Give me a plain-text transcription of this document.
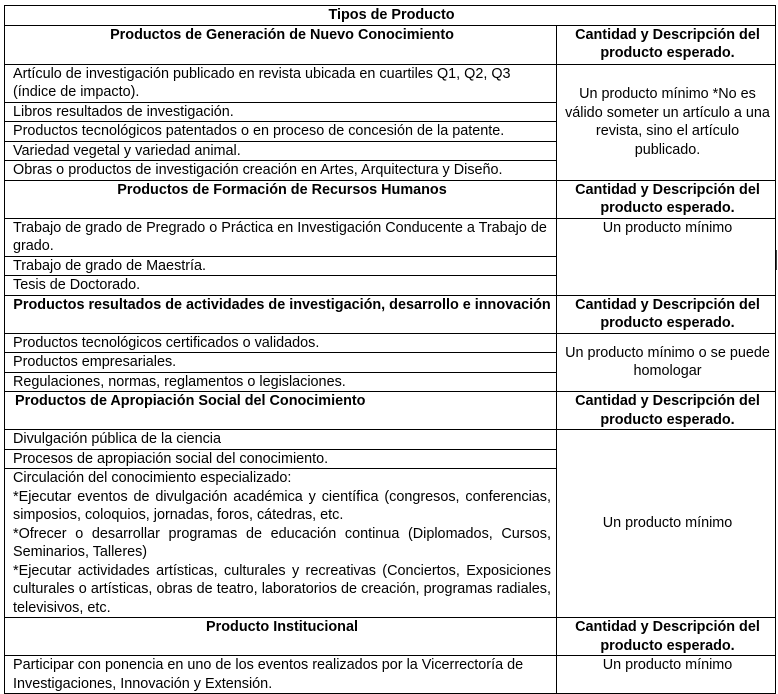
Tipos de Producto	
Productos de Generación de Nuevo Conocimiento	Cantidad y Descripción del producto esperado.
Artículo de investigación publicado en revista ubicada en cuartiles Q1, Q2, Q3 (índice de impacto).	Un producto mínimo *No es válido someter un artículo a una revista, sino el artículo publicado.
Libros resultados de investigación.	
Productos tecnológicos patentados o en proceso de concesión de la patente.	
Variedad vegetal y variedad animal.	
Obras o productos de investigación creación en Artes, Arquitectura y Diseño.	
Productos de Formación de Recursos Humanos	Cantidad y Descripción del producto esperado.
Trabajo de grado de Pregrado o Práctica en Investigación Conducente a Trabajo de grado.	Un producto mínimo
Trabajo de grado de Maestría.	
Tesis de Doctorado.	
Productos resultados de actividades de investigación, desarrollo e innovación	Cantidad y Descripción del producto esperado.
Productos tecnológicos certificados o validados.	Un producto mínimo o se puede homologar
Productos empresariales.	
Regulaciones, normas, reglamentos o legislaciones.	
Productos de Apropiación Social del Conocimiento	Cantidad y Descripción del producto esperado.
Divulgación pública de la ciencia	Un producto mínimo
Procesos de apropiación social del conocimiento.	

Circulación del conocimiento especializado:
*Ejecutar eventos de divulgación académica y científica (congresos, conferencias, simposios, coloquios, jornadas, foros, cátedras, etc.
*Ofrecer o desarrollar programas de educación continua (Diplomados, Cursos, Seminarios, Talleres)
*Ejecutar actividades artísticas, culturales y recreativas (Conciertos, Exposiciones culturales o artísticas, obras de teatro, laboratorios de creación, programas radiales, televisivos, etc.	

Producto Institucional	Cantidad y Descripción del producto esperado.
Participar con ponencia en uno de los eventos realizados por la Vicerrectoría de Investigaciones, Innovación y Extensión.	Un producto mínimo
